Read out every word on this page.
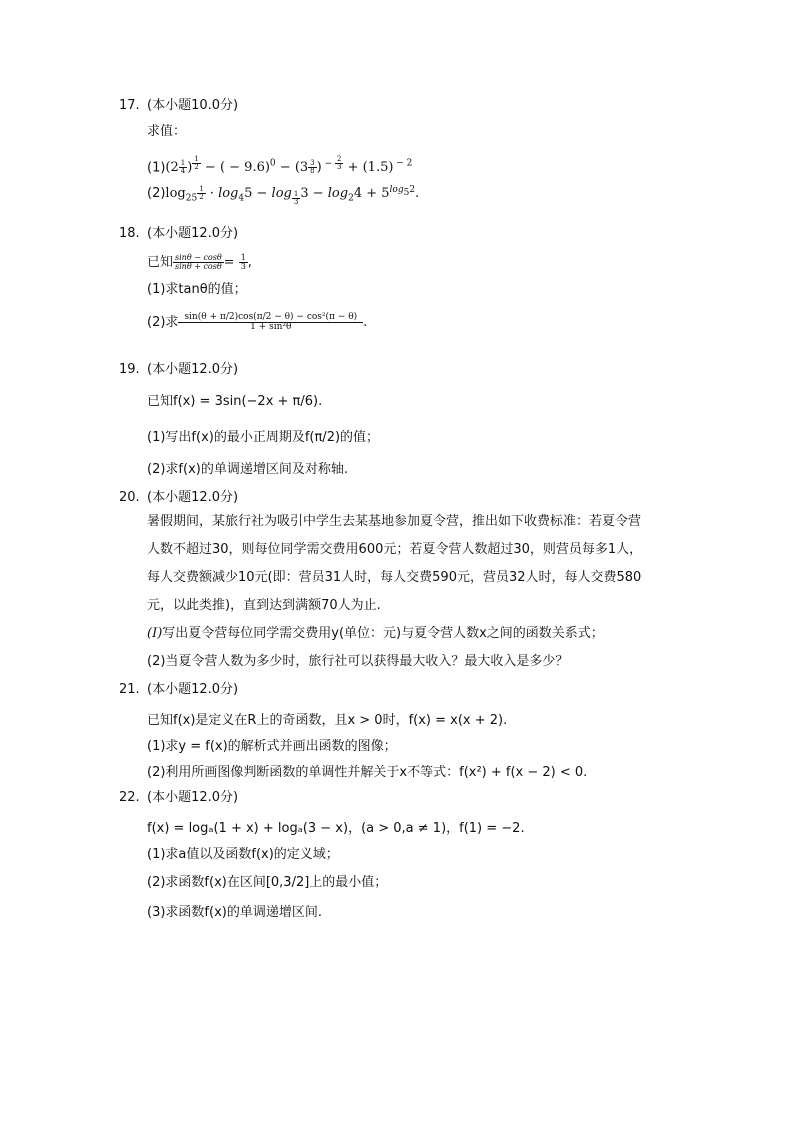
17. (本小题10.0分)
求值：
$(1)(2 \frac{1}{4}$ ) $^{\frac{1}{2}}$ − ( − $9.6)^0 - (3 \frac{3}{8}$ ) $^{- \frac{2}{3}}$ + (1.5) $^{- 2}$
$(2)\log_{25} \frac{1}{2} \cdot \log_45 - \log _{\frac{1}{3}}$ $3 - \log_24 + 5^{log_52}$.
18. (本小题12.0分)
已知 $\frac{\sin\theta - \cos\theta}{\sin\theta + \cos\theta} = \frac{1}{3}$ ,
(1)求tanθ的值；
(2)求 $\frac{\text{sin(θ + π/2)cos(π/2 − θ) − cos²(π − θ)}}{\text{1 + sin²θ}}$ .
19. (本小题12.0分)
已知f(x) = 3sin(−2x + π/6).
(1)写出f(x)的最小正周期及f(π/2)的值；
(2)求f(x)的单调递增区间及对称轴.
20. (本小题12.0分)
暑假期间，某旅行社为吸引中学生去某基地参加夏令营，推出如下收费标准：若夏令营
人数不超过30，则每位同学需交费用600元；若夏令营人数超过30，则营员每多1人，
每人交费额减少10元(即：营员31人时，每人交费590元，营员32人时，每人交费580
元，以此类推)，直到达到满额70人为止.
(I)写出夏令营每位同学需交费用y(单位：元)与夏令营人数x之间的函数关系式；
(2)当夏令营人数为多少时，旅行社可以获得最大收入？最大收入是多少？
21. (本小题12.0分)
已知f(x)是定义在R上的奇函数，且x > 0时，f(x) = x(x + 2).
(1)求y = f(x)的解析式并画出函数的图像；
(2)利用所画图像判断函数的单调性并解关于x不等式：f(x²) + f(x − 2) < 0.
22. (本小题12.0分)
f(x) = logₐ(1 + x) + logₐ(3 − x)，(a > 0,a ≠ 1)，f(1) = −2.
(1)求a值以及函数f(x)的定义域；
(2)求函数f(x)在区间[0,3/2]上的最小值；
(3)求函数f(x)的单调递增区间.
